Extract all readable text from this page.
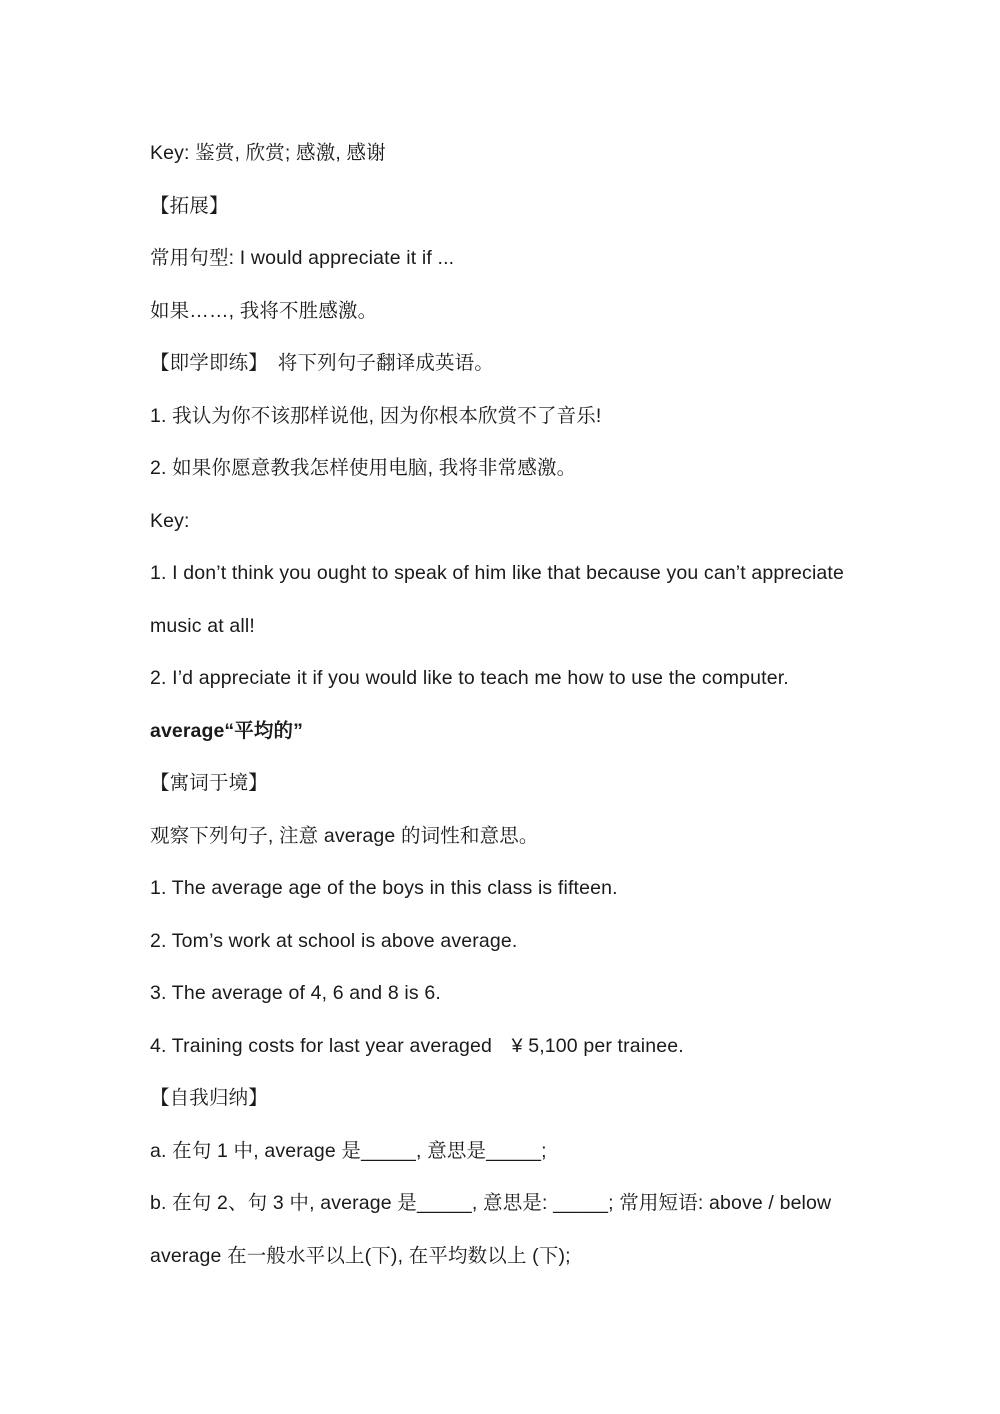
Key: 鉴赏, 欣赏; 感激, 感谢
【拓展】
常用句型: I would appreciate it if ...
如果……, 我将不胜感激。
【即学即练】　将下列句子翻译成英语。
1. 我认为你不该那样说他, 因为你根本欣赏不了音乐!
2. 如果你愿意教我怎样使用电脑, 我将非常感激。
Key:
1. I don’t think you ought to speak of him like that because you can’t appreciate
music at all!
2. I’d appreciate it if you would like to teach me how to use the computer.
average“平均的”
【寓词于境】
观察下列句子, 注意 average 的词性和意思。
1. The average age of the boys in this class is fifteen.
2. Tom’s work at school is above average.
3. The average of 4, 6 and 8 is 6.
4. Training costs for last year averaged　¥ 5,100 per trainee.
【自我归纳】
a. 在句 1 中, average 是_____, 意思是_____;
b. 在句 2、句 3 中, average 是_____, 意思是: _____; 常用短语: above / below
average 在一般水平以上(下), 在平均数以上 (下);
